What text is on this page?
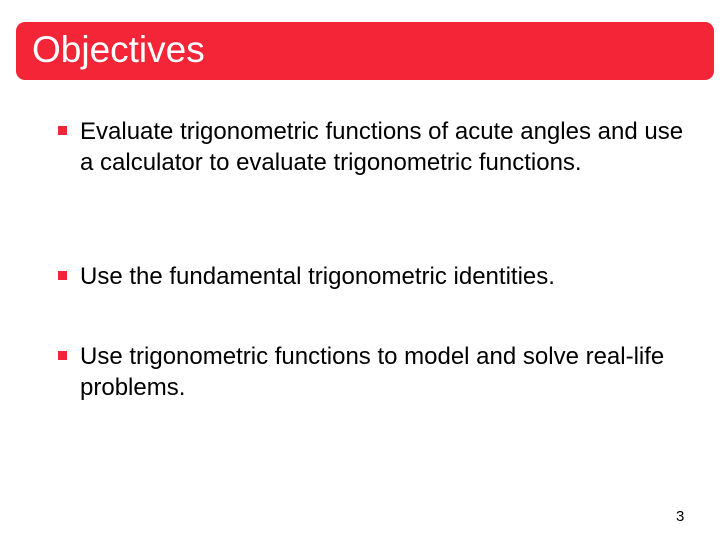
Objectives
Evaluate trigonometric functions of acute angles and use a calculator to evaluate trigonometric functions.
Use the fundamental trigonometric identities.
Use trigonometric functions to model and solve real-life problems.
3
